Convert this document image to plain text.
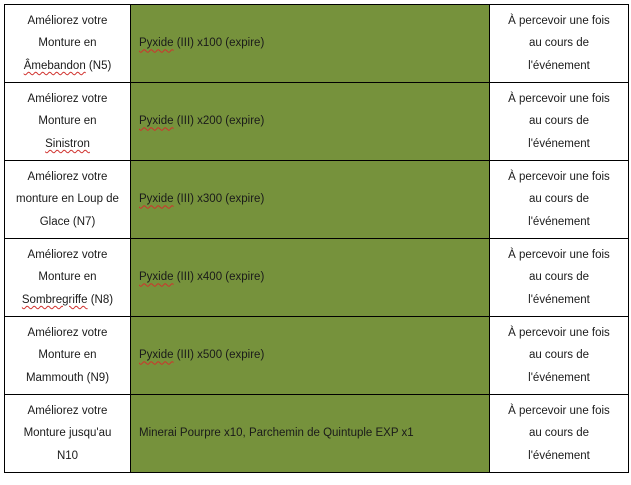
Améliorez votre
Monture en
Âmebandon (N5)	Pyxide (III) x100 (expire)	À percevoir une fois
au cours de
l'événement

Améliorez votre
Monture en
Sinistron	Pyxide (III) x200 (expire)	À percevoir une fois
au cours de
l'événement

Améliorez votre
monture en Loup de
Glace (N7)	Pyxide (III) x300 (expire)	À percevoir une fois
au cours de
l'événement

Améliorez votre
Monture en
Sombregriffe (N8)	Pyxide (III) x400 (expire)	À percevoir une fois
au cours de
l'événement

Améliorez votre
Monture en
Mammouth (N9)	Pyxide (III) x500 (expire)	À percevoir une fois
au cours de
l'événement

Améliorez votre
Monture jusqu'au
N10	Minerai Pourpre x10, Parchemin de Quintuple EXP x1	À percevoir une fois
au cours de
l'événement
